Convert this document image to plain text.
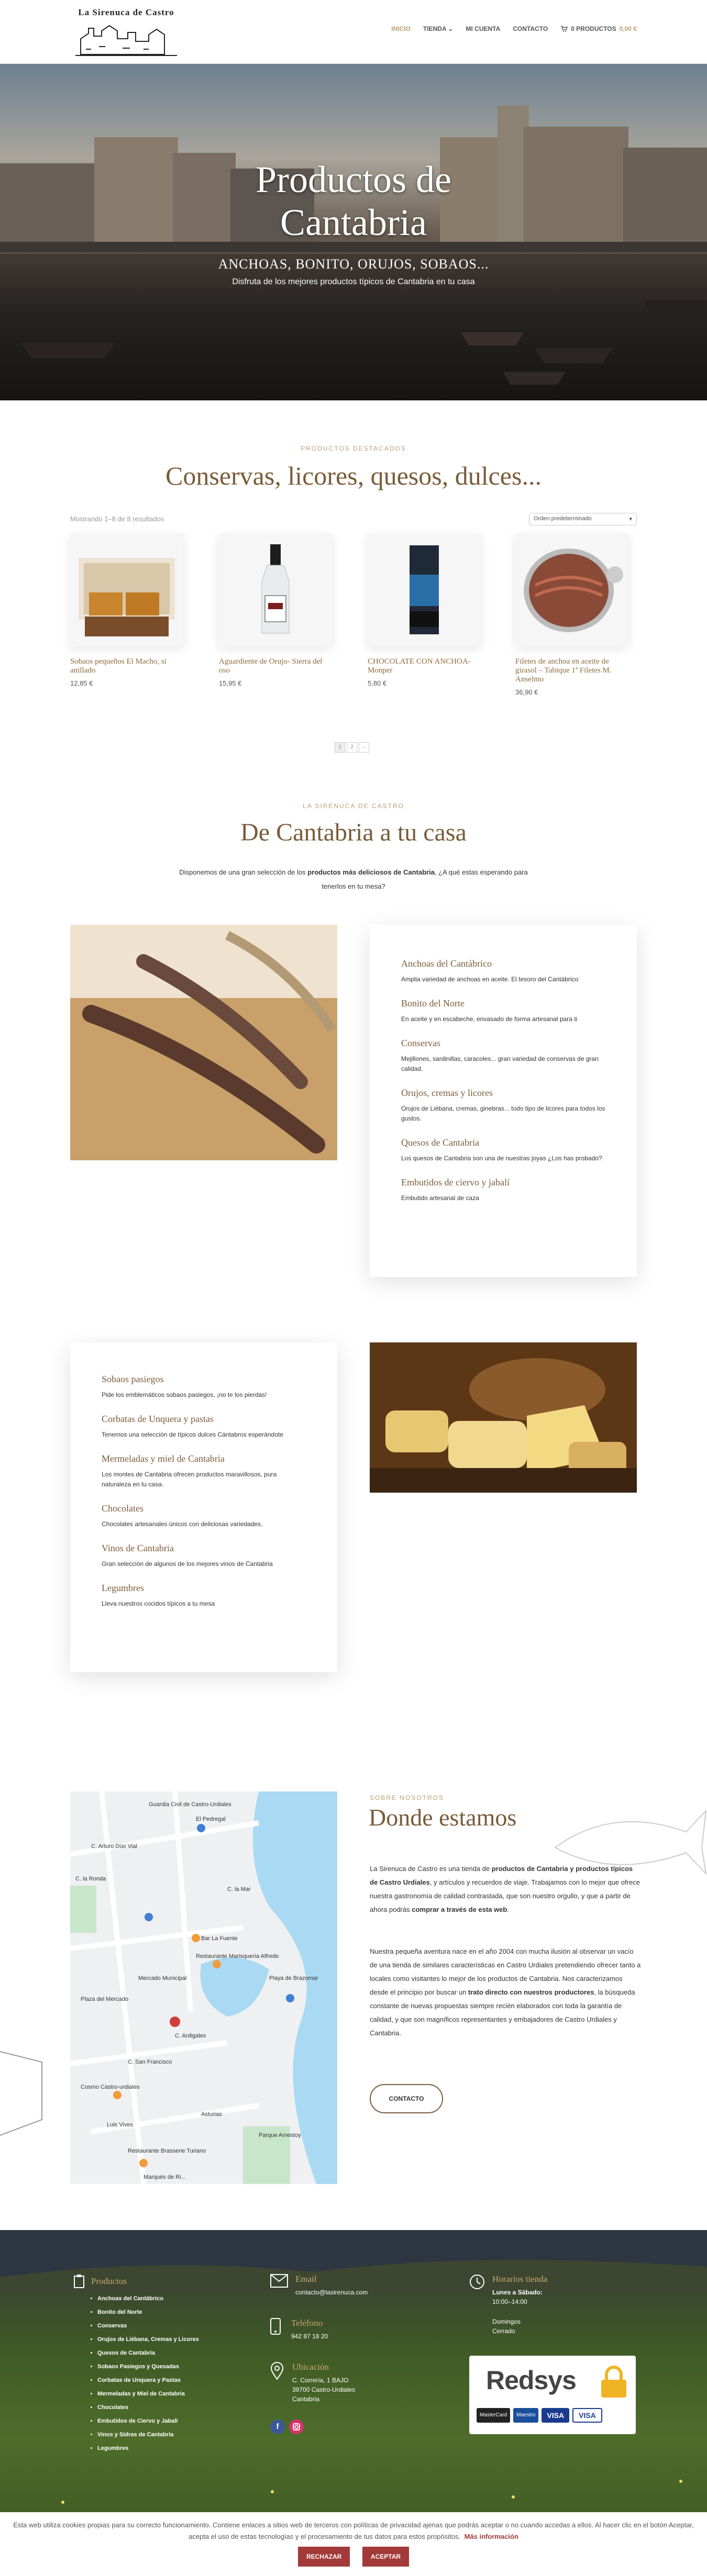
La Sirenuca de Castro
INICIO TIENDA ⌄ MI CUENTA CONTACTO	0 PRODUCTOS 0,00 €
Productos de Cantabria
ANCHOAS, BONITO, ORUJOS, SOBAOS...

Disfruta de los mejores productos típicos de Cantabria en tu casa

PRODUCTOS DESTACADOS
Conservas, licores, quesos, dulces...
Mostrando 1–8 de 8 resultados	Orden predeterminado	▾
Sobaos pequeños El Macho, si anillado
12,85 €
Aguardiente de Orujo- Sierra del oso
15,95 €
CHOCOLATE CON ANCHOA- Monper
5,80 €
Filetes de anchoa en aceite de girasol – Tabique 1ª Filetes M. Anselmo
36,90 €
1	2	→
LA SIRENUCA DE CASTRO
De Cantabria a tu casa

Disponemos de una gran selección de los productos más deliciosos de Cantabria, ¿A qué estas esperando para tenerlos en tu mesa?

Anchoas del Cantábrico
Amplia variedad de anchoas en aceite. El tesoro del Cantábrico
Bonito del Norte
En aceite y en escabeche, envasado de forma artesanal para ti
Conservas
Mejillones, sardinillas, caracoles... gran variedad de conservas de gran calidad.
Orujos, cremas y licores
Orujos de Liébana, cremas, ginebras... todo tipo de licores para todos los gustos.
Quesos de Cantabria
Los quesos de Cantabria son una de nuestras joyas ¿Los has probado?
Embutidos de ciervo y jabalí
Embutido artesanal de caza
Sobaos pasiegos
Pide los emblemáticos sobaos pasiegos, ¡no te los pierdas!
Corbatas de Unquera y pastas
Tenemos una selección de típicos dulces Cántabros esperándote
Mermeladas y miel de Cantabria
Los montes de Cantabria ofrecen productos maravillosos, pura naturaleza en tu casa.
Chocolates
Chocolates artesanales únicos con deliciosas variedades.
Vinos de Cantabria
Gran selección de algunos de los mejores vinos de Cantabria
Legumbres
Lleva nuestros cocidos típicos a tu mesa
Guardia Civil de Castro-Urdiales
El Pedregal
C. Arturo Dúo Vial
C. la Ronda
Bar La Fuente
Restaurante Marisquería Alfredo
Mercado Municipal
Plaza del Mercado
C. Ardigales
C. San Francisco
Cosmo Castro-urdiales
Restaurante Brasserie Turiano
Playa de Brazomar
Parque Amestoy
Asturias
Luis Vives
C. la Mar
Marqués de Ri...
SOBRE NOSOTROS
Donde estamos

La Sirenuca de Castro es una tienda de productos de Cantabria y productos típicos de Castro Urdiales, y artículos y recuerdos de viaje. Trabajamos con lo mejor que ofrece nuestra gastronomía de calidad contrastada, que son nuestro orgullo, y que a partir de ahora podrás comprar a través de esta web.

Nuestra pequeña aventura nace en el año 2004 con mucha ilusión al observar un vacío de una tienda de similares características en Castro Urdiales pretendiendo ofrecer tanto a locales como visitantes lo mejor de los productos de Cantabria. Nos caracterizamos desde el principio por buscar un trato directo con nuestros productores, la búsqueda constante de nuevas propuestas siempre recién elaborados con toda la garantía de calidad, y que son magníficos representantes y embajadores de Castro Urdiales y Cantabria.

CONTACTO
Productos
• Anchoas del Cantábrico
• Bonito del Norte
• Conservas
• Orujos de Liébana, Cremas y Licores
• Quesos de Cantabria
• Sobaos Pasiegos y Quesadas
• Corbatas de Unquera y Pastas
• Mermeladas y Miel de Cantabria
• Chocolates
• Embutidos de Ciervo y Jabalí
• Vinos y Sidras de Cantabria
• Legumbres
Email
contacto@lasirenuca.com
Teléfono
942 87 18 20
Ubicación
C. Correría, 1 BAJO
39700 Castro-Urdiales
Cantabria
f
Horarios tienda
Lunes a Sábado:
10:00–14:00
Domingos
Cerrado
Redsys
MasterCard	Maestro	VISA	VISA
Esta web utiliza cookies propias para su correcto funcionamiento. Contiene enlaces a sitios web de terceros con políticas de privacidad ajenas que podrás aceptar o no cuando accedas a ellos. Al hacer clic en el botón Aceptar, acepta el uso de estas tecnologías y el procesamiento de tus datos para estos propósitos. Más información
RECHAZAR	ACEPTAR
